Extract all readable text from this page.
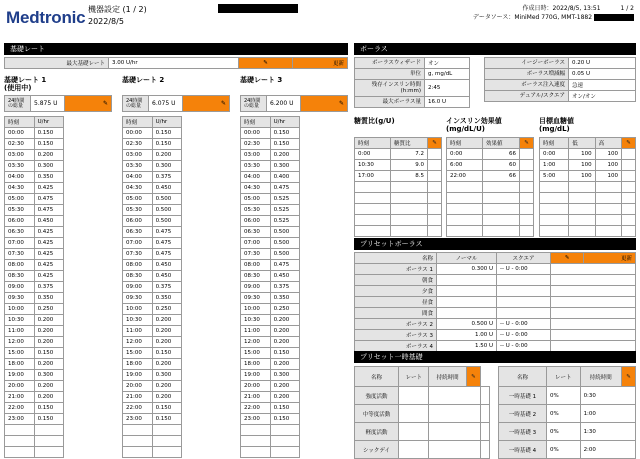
Medtronic 機器設定 (1 / 2)
2022/8/5
作成日時：2022/8/5, 13:51	1 / 2
データソース：MiniMed 770G, MMT-1882
基礎レート
最大基礎レート	3.00 U/hr	✎	更新
基礎レート 1
(使用中)
24時間の総量	5.875 U	✎
時刻	U/hr
00:00	0.150
02:30	0.150
03:00	0.200
03:30	0.300
04:00	0.350
04:30	0.425
05:00	0.475
05:30	0.475
06:00	0.450
06:30	0.425
07:00	0.425
07:30	0.425
08:00	0.425
08:30	0.425
09:00	0.375
09:30	0.350
10:00	0.250
10:30	0.200
11:00	0.200
12:00	0.200
15:00	0.150
18:00	0.200
19:00	0.300
20:00	0.200
21:00	0.200
22:00	0.150
23:00	0.150

基礎レート 2
24時間の総量	6.075 U	✎
時刻	U/hr
00:00	0.150
02:30	0.150
03:00	0.200
03:30	0.300
04:00	0.375
04:30	0.450
05:00	0.500
05:30	0.500
06:00	0.500
06:30	0.475
07:00	0.475
07:30	0.475
08:00	0.450
08:30	0.450
09:00	0.375
09:30	0.350
10:00	0.250
10:30	0.200
11:00	0.200
12:00	0.200
15:00	0.150
18:00	0.200
19:00	0.300
20:00	0.200
21:00	0.200
22:00	0.150
23:00	0.150

基礎レート 3
24時間の総量	6.200 U	✎
時刻	U/hr
00:00	0.150
02:30	0.150
03:00	0.200
03:30	0.300
04:00	0.400
04:30	0.475
05:00	0.525
05:30	0.525
06:00	0.525
06:30	0.500
07:00	0.500
07:30	0.500
08:00	0.475
08:30	0.450
09:00	0.375
09:30	0.350
10:00	0.250
10:30	0.200
11:00	0.200
12:00	0.200
15:00	0.150
18:00	0.200
19:00	0.300
20:00	0.200
21:00	0.200
22:00	0.150
23:00	0.150

ボーラス
ボーラスウィザード	オン
単位	g, mg/dL
残存インスリン時間 (h:mm)	2:45
最大ボーラス量	16.0 U
イージーボーラス	0.20 U
ボーラス増減幅	0.05 U
ボーラス注入速度	急速
デュアル/スクエア	オン/オン
糖質比(g/U)	インスリン効果値
(mg/dL/U)
目標血糖値
(mg/dL)
時刻	糖質比	✎
0:00	7.2	
10:30	9.0	
17:00	8.5	

時刻	効果値	✎
0:00	66	
6:00	60	
22:00	66	

時刻	低	高	✎
0:00	100	100	
1:00	100	100	
5:00	100	100	

プリセットボーラス
名称	ノーマル	スクエア	✎	更新
ボーラス 1	0.300 U	-- U - 0:00		
朝食				
夕食				
昼食				
間食				
ボーラス 2	0.500 U	-- U - 0:00		
ボーラス 3	1.00 U	-- U - 0:00		
ボーラス 4	1.50 U	-- U - 0:00		
プリセット一時基礎
名称	レート	持続時間	✎	
強度活動				
中等度活動				
軽度活動				
シックデイ				
名称	レート	持続時間	✎
一時基礎 1	0%	0:30	
一時基礎 2	0%	1:00	
一時基礎 3	0%	1:30	
一時基礎 4	0%	2:00	
